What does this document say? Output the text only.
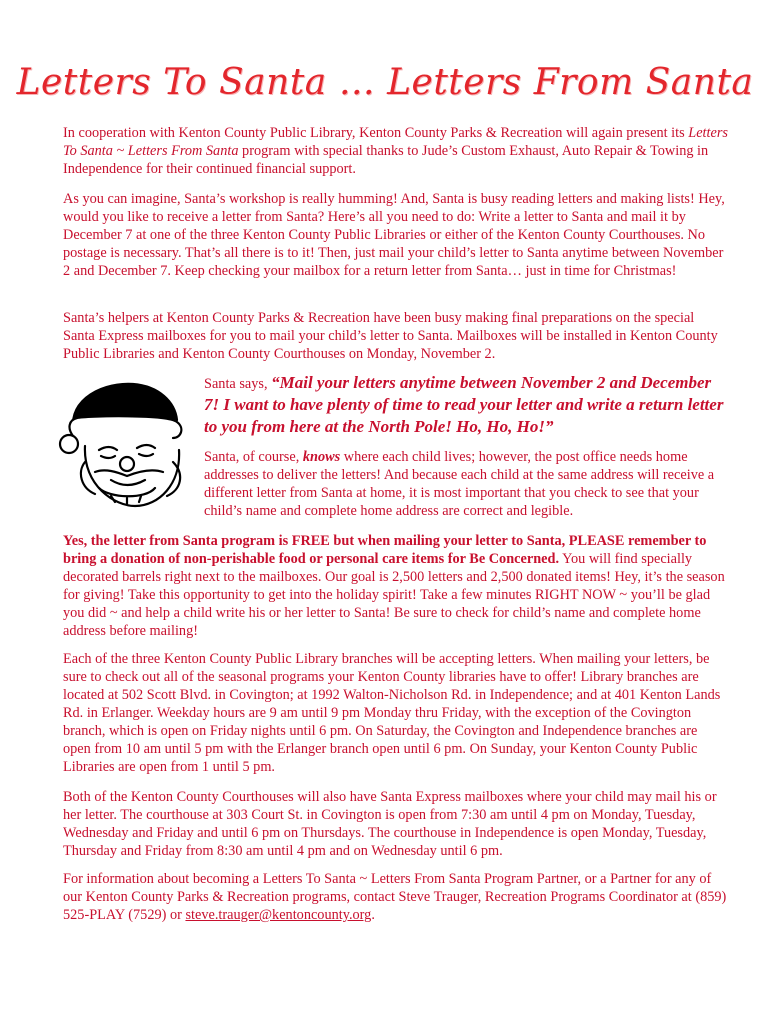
Letters To Santa … Letters From Santa

In cooperation with Kenton County Public Library, Kenton County Parks & Recreation will again present its Letters To Santa ~ Letters From Santa program with special thanks to Jude’s Custom Exhaust, Auto Repair & Towing in Independence for their continued financial support.

As you can imagine, Santa’s workshop is really humming! And, Santa is busy reading letters and making lists! Hey, would you like to receive a letter from Santa? Here’s all you need to do: Write a letter to Santa and mail it by December 7 at one of the three Kenton County Public Libraries or either of the Kenton County Courthouses. No postage is necessary. That’s all there is to it! Then, just mail your child’s letter to Santa anytime between November 2 and December 7. Keep checking your mailbox for a return letter from Santa… just in time for Christmas!

Santa’s helpers at Kenton County Parks & Recreation have been busy making final preparations on the special Santa Express mailboxes for you to mail your child’s letter to Santa. Mailboxes will be installed in Kenton County Public Libraries and Kenton County Courthouses on Monday, November 2.

Santa says, “Mail your letters anytime between November 2 and December 7! I want to have plenty of time to read your letter and write a return letter to you from here at the North Pole! Ho, Ho, Ho!”

Santa, of course, knows where each child lives; however, the post office needs home addresses to deliver the letters! And because each child at the same address will receive a different letter from Santa at home, it is most important that you check to see that your child’s name and complete home address are correct and legible.

Yes, the letter from Santa program is FREE but when mailing your letter to Santa, PLEASE remember to bring a donation of non-perishable food or personal care items for Be Concerned. You will find specially decorated barrels right next to the mailboxes. Our goal is 2,500 letters and 2,500 donated items! Hey, it’s the season for giving! Take this opportunity to get into the holiday spirit! Take a few minutes RIGHT NOW ~ you’ll be glad you did ~ and help a child write his or her letter to Santa! Be sure to check for child’s name and complete home address before mailing!

Each of the three Kenton County Public Library branches will be accepting letters. When mailing your letters, be sure to check out all of the seasonal programs your Kenton County libraries have to offer! Library branches are located at 502 Scott Blvd. in Covington; at 1992 Walton-Nicholson Rd. in Independence; and at 401 Kenton Lands Rd. in Erlanger. Weekday hours are 9 am until 9 pm Monday thru Friday, with the exception of the Covington branch, which is open on Friday nights until 6 pm. On Saturday, the Covington and Independence branches are open from 10 am until 5 pm with the Erlanger branch open until 6 pm. On Sunday, your Kenton County Public Libraries are open from 1 until 5 pm.

Both of the Kenton County Courthouses will also have Santa Express mailboxes where your child may mail his or her letter. The courthouse at 303 Court St. in Covington is open from 7:30 am until 4 pm on Monday, Tuesday, Wednesday and Friday and until 6 pm on Thursdays. The courthouse in Independence is open Monday, Tuesday, Thursday and Friday from 8:30 am until 4 pm and on Wednesday until 6 pm.

For information about becoming a Letters To Santa ~ Letters From Santa Program Partner, or a Partner for any of our Kenton County Parks & Recreation programs, contact Steve Trauger, Recreation Programs Coordinator at (859) 525-PLAY (7529) or steve.trauger@kentoncounty.org.
